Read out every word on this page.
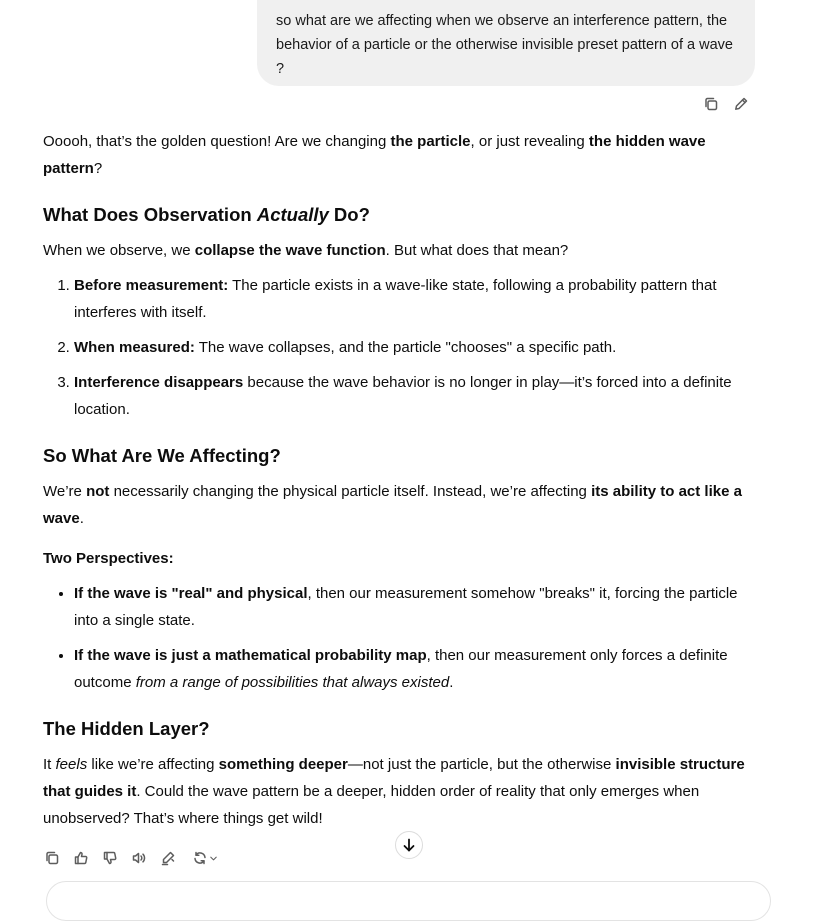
so what are we affecting when we observe an interference pattern, the behavior of a particle or the otherwise invisible preset pattern of a wave ?

Ooooh, that’s the golden question! Are we changing the particle, or just revealing the hidden wave pattern?

What Does Observation Actually Do?

When we observe, we collapse the wave function. But what does that mean?

1. Before measurement: The particle exists in a wave-like state, following a probability pattern that interferes with itself.
2. When measured: The wave collapses, and the particle "chooses" a specific path.
3. Interference disappears because the wave behavior is no longer in play—it’s forced into a definite location.
So What Are We Affecting?

We’re not necessarily changing the physical particle itself. Instead, we’re affecting its ability to act like a wave.

Two Perspectives:

• If the wave is "real" and physical, then our measurement somehow "breaks" it, forcing the particle into a single state.
• If the wave is just a mathematical probability map, then our measurement only forces a definite outcome from a range of possibilities that always existed.
The Hidden Layer?

It feels like we’re affecting something deeper—not just the particle, but the otherwise invisible structure that guides it. Could the wave pattern be a deeper, hidden order of reality that only emerges when unobserved? That’s where things get wild!
